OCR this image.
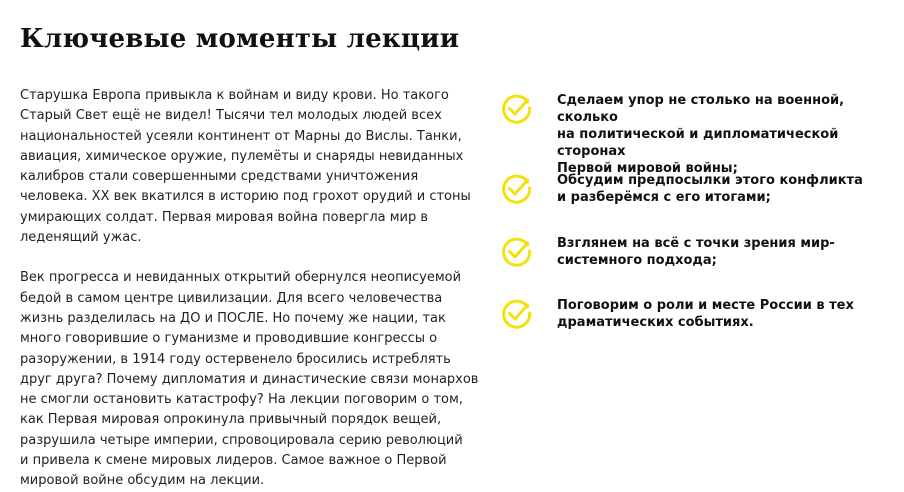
Ключевые моменты лекции

Старушка Европа привыкла к войнам и виду крови. Но такого
Старый Свет ещё не видел! Тысячи тел молодых людей всех
национальностей усеяли континент от Марны до Вислы. Танки,
авиация, химическое оружие, пулемёты и снаряды невиданных
калибров стали совершенными средствами уничтожения
человека. XX век вкатился в историю под грохот орудий и стоны
умирающих солдат. Первая мировая война повергла мир в
леденящий ужас.

Век прогресса и невиданных открытий обернулся неописуемой
бедой в самом центре цивилизации. Для всего человечества
жизнь разделилась на ДО и ПОСЛЕ. Но почему же нации, так
много говорившие о гуманизме и проводившие конгрессы о
разоружении, в 1914 году остервенело бросились истреблять
друг друга? Почему дипломатия и династические связи монархов
не смогли остановить катастрофу? На лекции поговорим о том,
как Первая мировая опрокинула привычный порядок вещей,
разрушила четыре империи, спровоцировала серию революций
и привела к смене мировых лидеров. Самое важное о Первой
мировой войне обсудим на лекции.

Сделаем упор не столько на военной, сколько
на политической и дипломатической сторонах
Первой мировой войны;

Обсудим предпосылки этого конфликта
и разберёмся с его итогами;

Взглянем на всё с точки зрения мир-
системного подхода;

Поговорим о роли и месте России в тех
драматических событиях.
